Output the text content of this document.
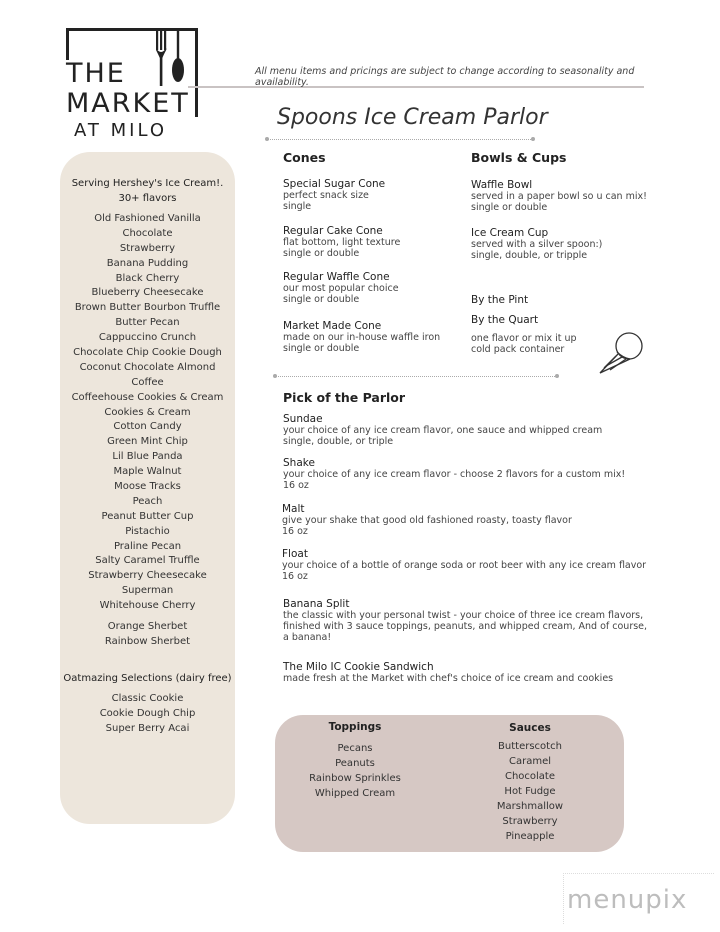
THE
MARKET
AT MILO
All menu items and pricings are subject to change according to seasonality and availability.
Spoons Ice Cream Parlor
Serving Hershey's Ice Cream!.
30+ flavors
Old Fashioned Vanilla
Chocolate
Strawberry
Banana Pudding
Black Cherry
Blueberry Cheesecake
Brown Butter Bourbon Truffle
Butter Pecan
Cappuccino Crunch
Chocolate Chip Cookie Dough
Coconut Chocolate Almond
Coffee
Coffeehouse Cookies & Cream
Cookies & Cream
Cotton Candy
Green Mint Chip
Lil Blue Panda
Maple Walnut
Moose Tracks
Peach
Peanut Butter Cup
Pistachio
Praline Pecan
Salty Caramel Truffle
Strawberry Cheesecake
Superman
Whitehouse Cherry
Orange Sherbet
Rainbow Sherbet
Oatmazing Selections (dairy free)
Classic Cookie
Cookie Dough Chip
Super Berry Acai
Cones
Special Sugar Cone
perfect snack size
single
Regular Cake Cone
flat bottom, light texture
single or double
Regular Waffle Cone
our most popular choice
single or double
Market Made Cone
made on our in-house waffle iron
single or double
Bowls & Cups
Waffle Bowl
served in a paper bowl so u can mix!
single or double
Ice Cream Cup
served with a silver spoon:)
single, double, or tripple
By the Pint
By the Quart
one flavor or mix it up
cold pack container
Pick of the Parlor
Sundae
your choice of any ice cream flavor, one sauce and whipped cream
single, double, or triple
Shake
your choice of any ice cream flavor - choose 2 flavors for a custom mix!
16 oz
Malt
give your shake that good old fashioned roasty, toasty flavor
16 oz
Float
your choice of a bottle of orange soda or root beer with any ice cream flavor
16 oz
Banana Split
the classic with your personal twist - your choice of three ice cream flavors,
finished with 3 sauce toppings, peanuts, and whipped cream, And of course,
a banana!
The Milo IC Cookie Sandwich
made fresh at the Market with chef's choice of ice cream and cookies
Toppings
Pecans
Peanuts
Rainbow Sprinkles
Whipped Cream
Sauces
Butterscotch
Caramel
Chocolate
Hot Fudge
Marshmallow
Strawberry
Pineapple
menupix
